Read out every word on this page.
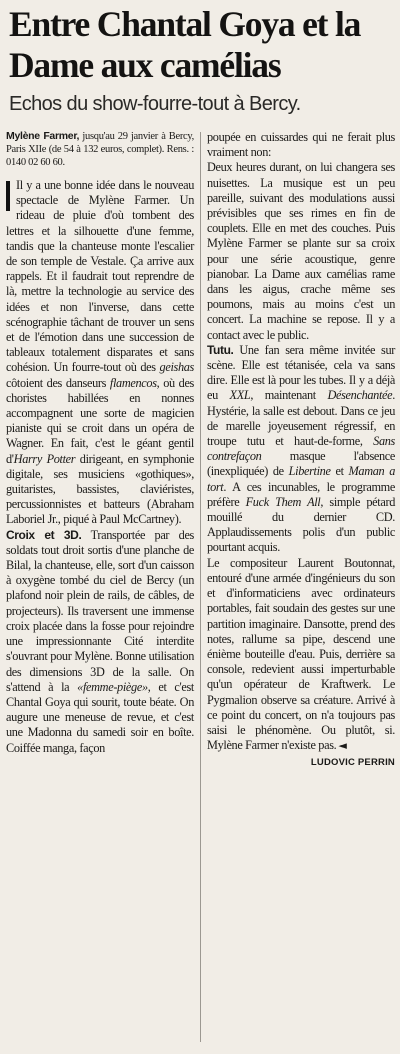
Entre Chantal Goya et la Dame aux camélias
Echos du show-fourre-tout à Bercy.

Mylène Farmer, jusqu'au 29 janvier à Bercy, Paris XIIe (de 54 à 132 euros, complet). Rens. : 0140 02 60 60.

Il y a une bonne idée dans le nouveau spectacle de Mylène Farmer. Un rideau de pluie d'où tombent des lettres et la silhouette d'une femme, tandis que la chanteuse monte l'escalier de son temple de Vestale. Ça arrive aux rappels. Et il faudrait tout reprendre de là, mettre la technologie au service des idées et non l'inverse, dans cette scénographie tâchant de trouver un sens et de l'émotion dans une succession de tableaux totalement disparates et sans cohésion. Un fourre-tout où des geishas côtoient des danseurs flamencos, où des choristes habillées en nonnes accompagnent une sorte de magicien pianiste qui se croit dans un opéra de Wagner. En fait, c'est le géant gentil d'Harry Potter dirigeant, en symphonie digitale, ses musiciens «gothiques», guitaristes, bassistes, claviéristes, percussionnistes et batteurs (Abraham Laboriel Jr., piqué à Paul McCartney).

Croix et 3D. Transportée par des soldats tout droit sortis d'une planche de Bilal, la chanteuse, elle, sort d'un caisson à oxygène tombé du ciel de Bercy (un plafond noir plein de rails, de câbles, de projecteurs). Ils traversent une immense croix placée dans la fosse pour rejoindre une impressionnante Cité interdite s'ouvrant pour Mylène. Bonne utilisation des dimensions 3D de la salle. On s'attend à la «femme-piège», et c'est Chantal Goya qui sourit, toute béate. On augure une meneuse de revue, et c'est une Madonna du samedi soir en boîte. Coiffée manga, façon

poupée en cuissardes qui ne ferait plus vraiment non:

Deux heures durant, on lui changera ses nuisettes. La musique est un peu pareille, suivant des modulations aussi prévisibles que ses rimes en fin de couplets. Elle en met des couches. Puis Mylène Farmer se plante sur sa croix pour une série acoustique, genre pianobar. La Dame aux camélias rame dans les aigus, crache même ses poumons, mais au moins c'est un concert. La machine se repose. Il y a contact avec le public.

Tutu. Une fan sera même invitée sur scène. Elle est tétanisée, cela va sans dire. Elle est là pour les tubes. Il y a déjà eu XXL, maintenant Désenchantée. Hystérie, la salle est debout. Dans ce jeu de marelle joyeusement régressif, en troupe tutu et haut-de-forme, Sans contrefaçon masque l'absence (inexpliquée) de Libertine et Maman a tort. A ces incunables, le programme préfère Fuck Them All, simple pétard mouillé du dernier CD. Applaudissements polis d'un public pourtant acquis.

Le compositeur Laurent Boutonnat, entouré d'une armée d'ingénieurs du son et d'informaticiens avec ordinateurs portables, fait soudain des gestes sur une partition imaginaire. Dansotte, prend des notes, rallume sa pipe, descend une énième bouteille d'eau. Puis, derrière sa console, redevient aussi imperturbable qu'un opérateur de Kraftwerk. Le Pygmalion observe sa créature. Arrivé à ce point du concert, on n'a toujours pas saisi le phénomène. Ou plutôt, si. Mylène Farmer n'existe pas. ◄
LUDOVIC PERRIN
